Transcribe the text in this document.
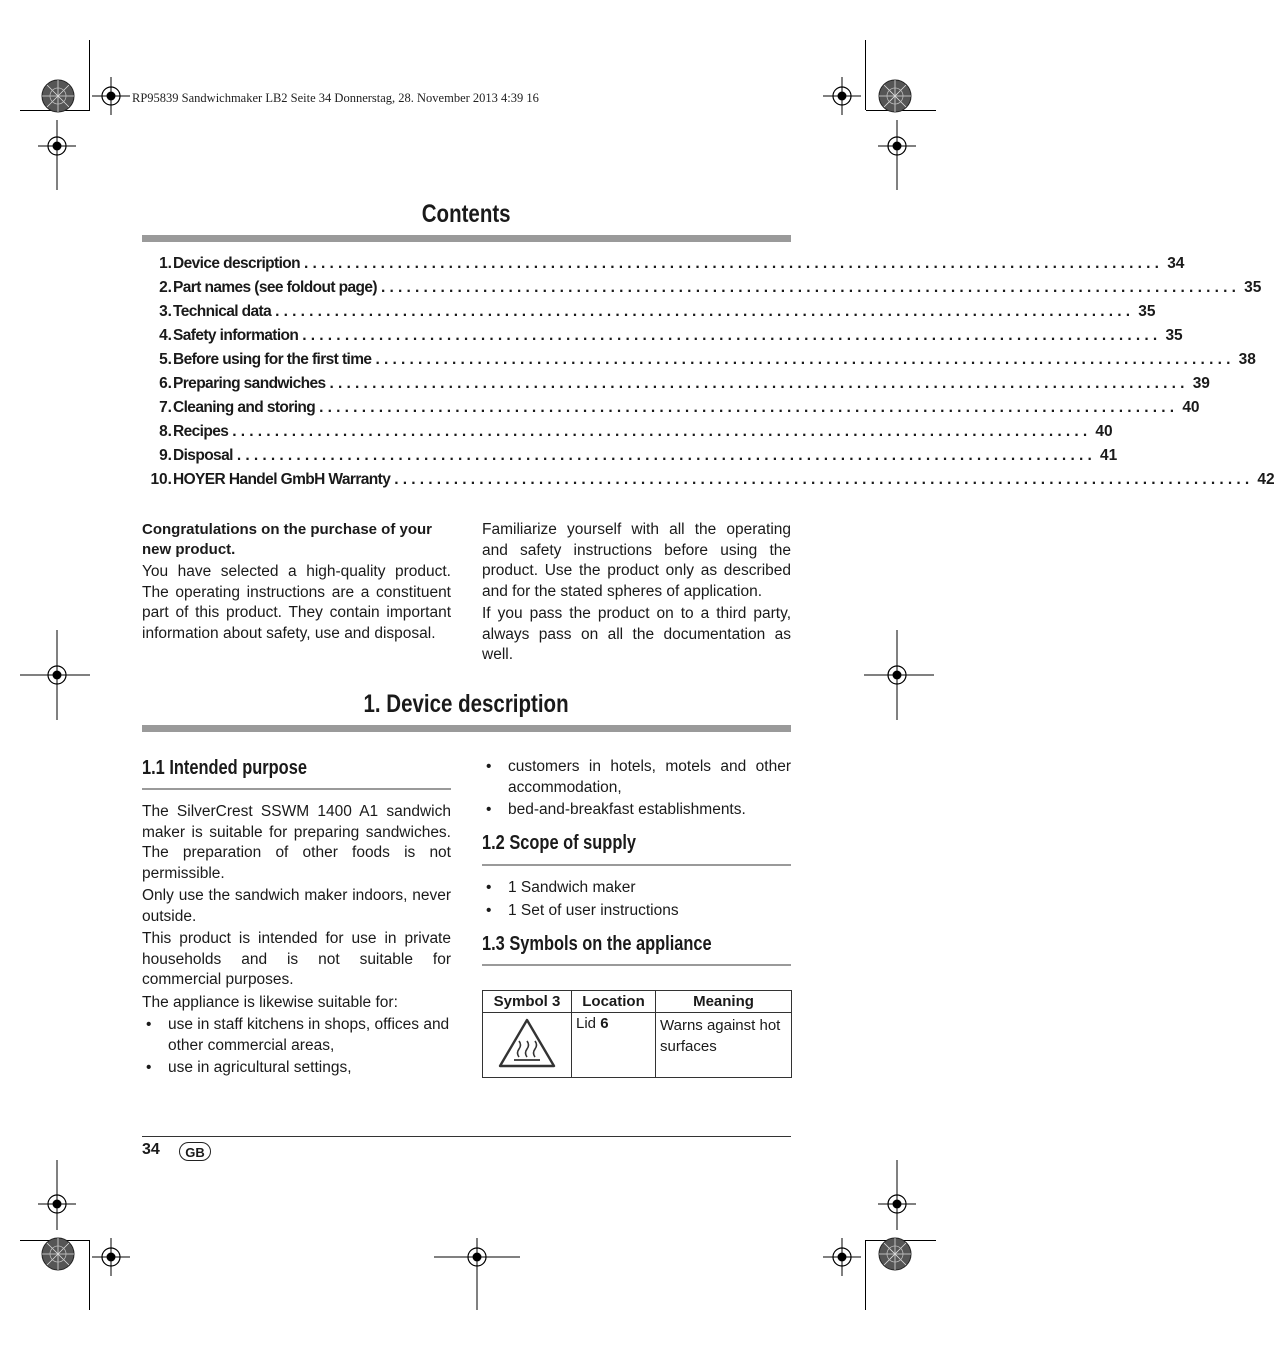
RP95839 Sandwichmaker LB2 Seite 34 Donnerstag, 28. November 2013 4:39 16
Contents
1. Device description ..................................................................................................... 34
2. Part names (see foldout page) ..................................................................................................... 35
3. Technical data ..................................................................................................... 35
4. Safety information ..................................................................................................... 35
5. Before using for the first time ..................................................................................................... 38
6. Preparing sandwiches ..................................................................................................... 39
7. Cleaning and storing ..................................................................................................... 40
8. Recipes ..................................................................................................... 40
9. Disposal ..................................................................................................... 41
10. HOYER Handel GmbH Warranty ..................................................................................................... 42

Congratulations on the purchase of your new product.

You have selected a high-quality product. The operating instructions are a constituent part of this product. They contain important information about safety, use and disposal.

Familiarize yourself with all the operating and safety instructions before using the product. Use the product only as described and for the stated spheres of application.

If you pass the product on to a third party, always pass on all the documentation as well.

1. Device description
1.1 Intended purpose

The SilverCrest SSWM 1400 A1 sandwich maker is suitable for preparing sandwiches. The preparation of other foods is not permissible.

Only use the sandwich maker indoors, never outside.

This product is intended for use in private households and is not suitable for commercial purposes.

The appliance is likewise suitable for:

• use in staff kitchens in shops, offices and other commercial areas,
• use in agricultural settings,
• customers in hotels, motels and other accommodation,
• bed-and-breakfast establishments.
1.2 Scope of supply
• 1 Sandwich maker
• 1 Set of user instructions
1.3 Symbols on the appliance
Symbol 3	Location	Meaning
	Lid 6	Warns against hot surfaces
34	GB
